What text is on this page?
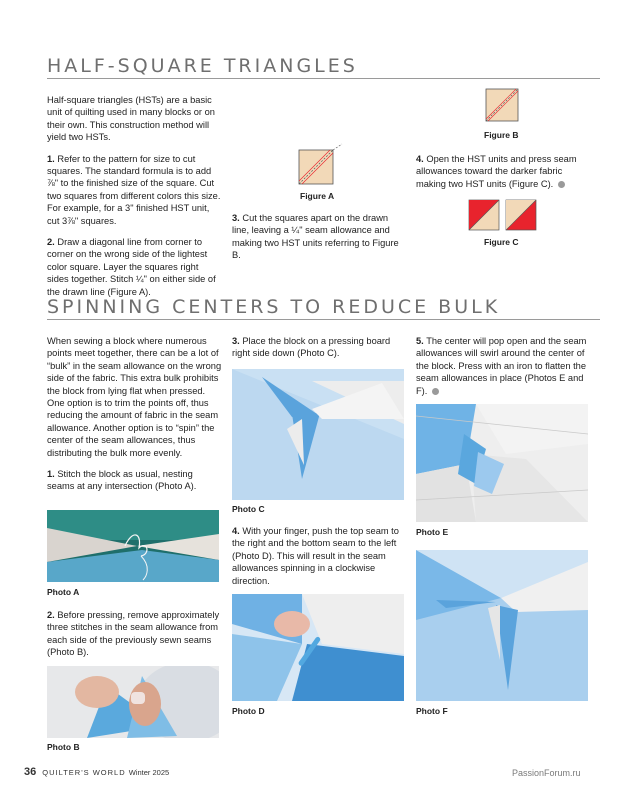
HALF-SQUARE TRIANGLES

Half-square triangles (HSTs) are a basic unit of quilting used in many blocks or on their own. This construction method will yield two HSTs.

1. Refer to the pattern for size to cut squares. The standard formula is to add ⅞" to the finished size of the square. Cut two squares from different colors this size. For example, for a 3" finished HST unit, cut 3⅞" squares.

2. Draw a diagonal line from corner to corner on the wrong side of the lightest color square. Layer the squares right sides together. Stitch ¼" on either side of the drawn line (Figure A).

Figure A
3. Cut the squares apart on the drawn line, leaving a ¼" seam allowance and making two HST units referring to Figure B.
Figure B
4. Open the HST units and press seam allowances toward the darker fabric making two HST units (Figure C).
Figure C
SPINNING CENTERS TO REDUCE BULK

When sewing a block where numerous points meet together, there can be a lot of “bulk” in the seam allowance on the wrong side of the fabric. This extra bulk prohibits the block from lying flat when pressed. One option is to trim the points off, thus reducing the amount of fabric in the seam allowance. Another option is to “spin” the center of the seam allowances, thus distributing the bulk more evenly.

1. Stitch the block as usual, nesting seams at any intersection (Photo A).

Photo A
2. Before pressing, remove approximately three stitches in the seam allowance from each side of the previously sewn seams (Photo B).
Photo B
3. Place the block on a pressing board right side down (Photo C).
Photo C
4. With your finger, push the top seam to the right and the bottom seam to the left (Photo D). This will result in the seam allowances spinning in a clockwise direction.
Photo D
5. The center will pop open and the seam allowances will swirl around the center of the block. Press with an iron to flatten the seam allowances in place (Photos E and F).
Photo E
Photo F
36 QUILTER'S WORLD Winter 2025	PassionForum.ru
